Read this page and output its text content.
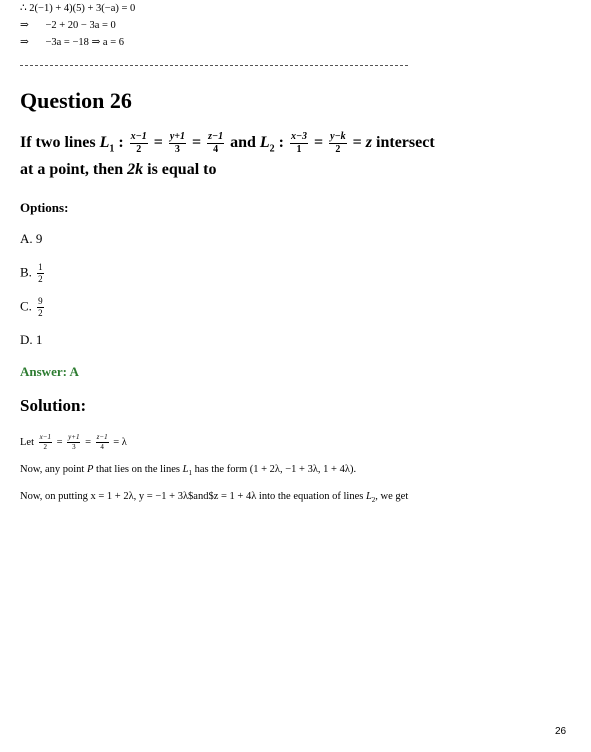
∴ 2(−1) + 4)(5) + 3(−a) = 0
⇒ −2 + 20 − 3a = 0
⇒ −3a = −18 ⇒ a = 6
Question 26
If two lines $L_1$ : $\frac{x-1}{2} = \frac{y+1}{3} = \frac{z-1}{4}$ and $L_2$ : $\frac{x-3}{1} = \frac{y-k}{2} = z$ intersect
at a point, then 2k is equal to
Options:
A. 9
B. $\frac{1}{2}$
C. $\frac{9}{2}$
D. 1
Answer: A
Solution:
Let $\frac{x-1}{2} = \frac{y+1}{3} = \frac{z-1}{4} = \lambda$
Now, any point P that lies on the lines $L_1$ has the form (1 + 2λ, −1 + 3λ, 1 + 4λ).
Now, on putting x = 1 + 2λ, y = −1 + 3λ$and$z = 1 + 4λ into the equation of lines $L_2$, we get
26
